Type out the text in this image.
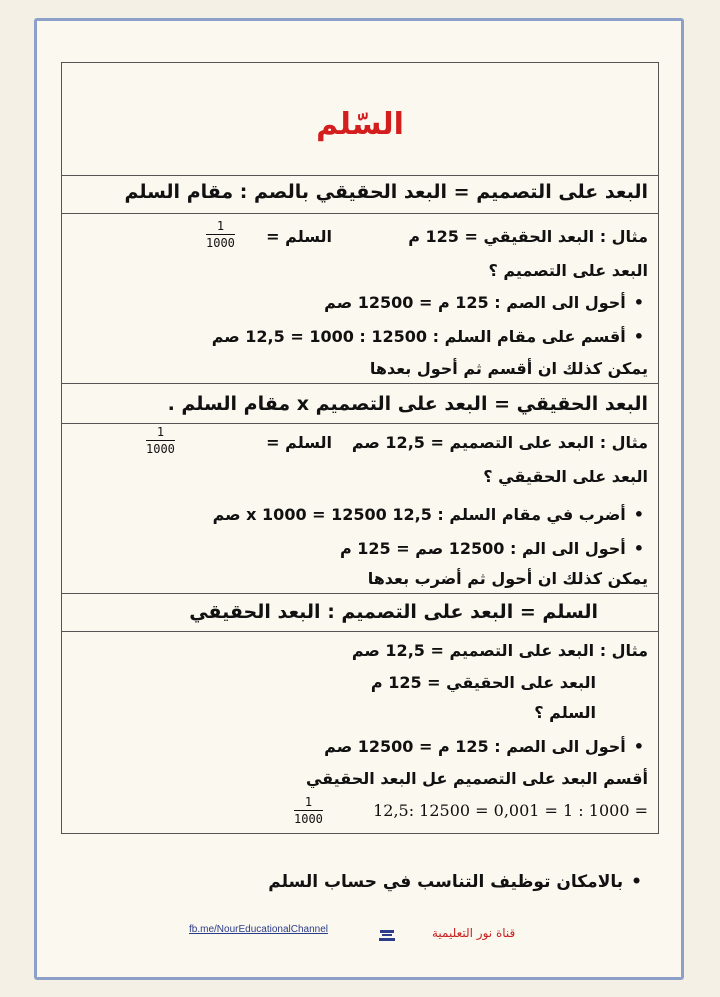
السّلم
البعد على التصميم = البعد الحقيقي بالصم : مقام السلم
مثال : البعد الحقيقي = 125 م
السلم =
1
1000
البعد على التصميم ؟
• أحول الى الصم : 125 م = 12500 صم
• أقسم على مقام السلم : 12500 : 1000 = 12,5 صم
يمكن كذلك ان أقسم ثم أحول بعدها
البعد الحقيقي = البعد على التصميم x مقام السلم .
مثال : البعد على التصميم = 12,5 صم
السلم =
1
1000
البعد على الحقيقي ؟
• أضرب في مقام السلم : 12,5 x 1000 = 12500 صم
• أحول الى الم : 12500 صم = 125 م
يمكن كذلك ان أحول ثم أضرب بعدها
السلم = البعد على التصميم : البعد الحقيقي
مثال : البعد على التصميم = 12,5 صم
البعد على الحقيقي = 125 م
السلم ؟
• أحول الى الصم : 125 م = 12500 صم
أقسم البعد على التصميم عل البعد الحقيقي
12,5: 12500 = 0,001 = 1 : 1000 =
1
1000
• بالامكان توظيف التناسب في حساب السلم
fb.me/NourEducationalChannel	قناة نور التعليمية
